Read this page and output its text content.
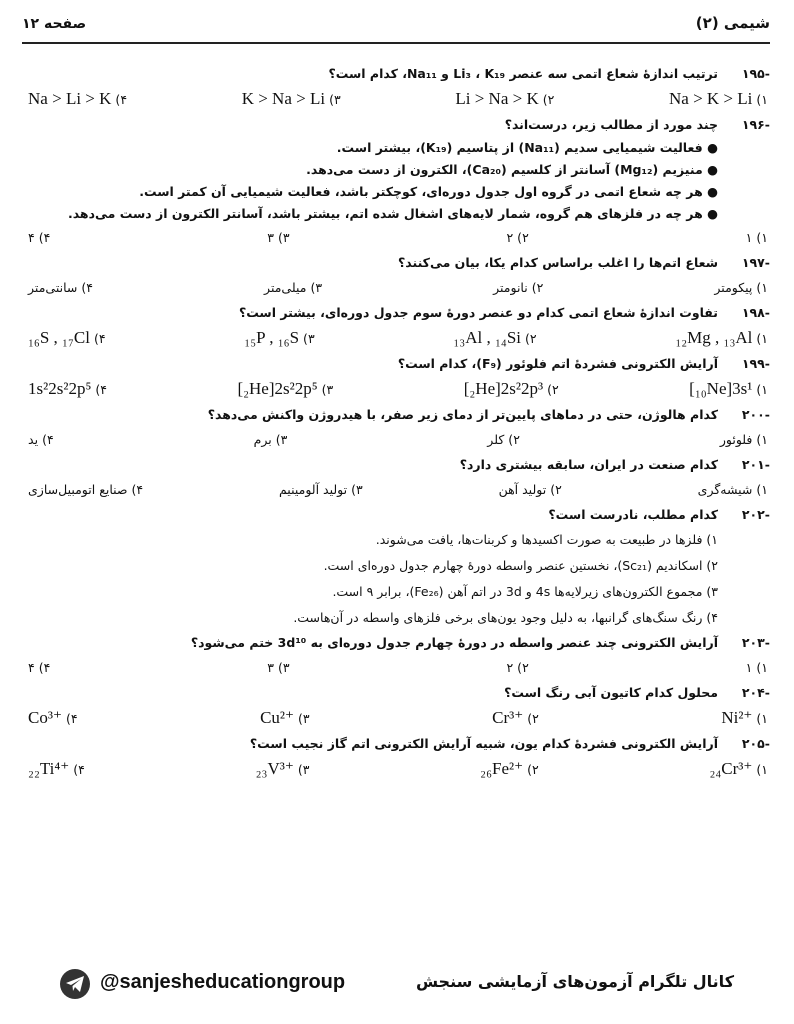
شیمی (۲)
صفحه ۱۲
-۱۹۵
ترتیب اندازهٔ شعاع اتمی سه عنصر Li₃ ، K₁₉ و Na₁₁، کدام است؟
۱)Na > K > Li
۲)Li > Na > K
۳)K > Na > Li
۴)Na > Li > K
-۱۹۶
چند مورد از مطالب زیر، درست‌اند؟
● فعالیت شیمیایی سدیم (Na₁₁) از پتاسیم (K₁₉)، بیشتر است.
● منیزیم (Mg₁₂) آسانتر از کلسیم (Ca₂₀)، الکترون از دست می‌دهد.
● هر چه شعاع اتمی در گروه اول جدول دوره‌ای، کوچکتر باشد، فعالیت شیمیایی آن کمتر است.
● هر چه در فلزهای هم گروه، شمار لایه‌های اشغال شده اتم، بیشتر باشد، آسانتر الکترون از دست می‌دهد.
۱)۱
۲)۲
۳)۳
۴)۴
-۱۹۷
شعاع اتم‌ها را اغلب براساس کدام یکا، بیان می‌کنند؟
۱)پیکومتر
۲)نانومتر
۳)میلی‌متر
۴)سانتی‌متر
-۱۹۸
تفاوت اندازهٔ شعاع اتمی کدام دو عنصر دورهٔ سوم جدول دوره‌ای، بیشتر است؟
۱)₁₂Mg , ₁₃Al
۲)₁₃Al , ₁₄Si
۳)₁₅P , ₁₆S
۴)₁₆S , ₁₇Cl
-۱۹۹
آرایش الکترونی فشردهٔ اتم فلوئور (F₉)، کدام است؟
۱)[₁₀Ne]3s¹
۲)[₂He]2s²2p³
۳)[₂He]2s²2p⁵
۴)1s²2s²2p⁵
-۲۰۰
کدام هالوژن، حتی در دماهای پایین‌تر از دمای زیر صفر، با هیدروژن واکنش می‌دهد؟
۱)فلوئور
۲)کلر
۳)برم
۴)ید
-۲۰۱
کدام صنعت در ایران، سابقه بیشتری دارد؟
۱)شیشه‌گری
۲)تولید آهن
۳)تولید آلومینیم
۴)صنایع اتومبیل‌سازی
-۲۰۲
کدام مطلب، نادرست است؟
۱) فلزها در طبیعت به صورت اکسیدها و کربنات‌ها، یافت می‌شوند.
۲) اسکاندیم (Sc₂₁)، نخستین عنصر واسطه دورهٔ چهارم جدول دوره‌ای است.
۳) مجموع الکترون‌های زیرلایه‌ها 4s و 3d در اتم آهن (Fe₂₆)، برابر ۹ است.
۴) رنگ سنگ‌های گرانبها، به دلیل وجود یون‌های برخی فلزهای واسطه در آن‌هاست.
-۲۰۳
آرایش الکترونی چند عنصر واسطه در دورهٔ چهارم جدول دوره‌ای به 3d¹⁰ ختم می‌شود؟
۱)۱
۲)۲
۳)۳
۴)۴
-۲۰۴
محلول کدام کاتیون آبی رنگ است؟
۱)Ni²⁺
۲)Cr³⁺
۳)Cu²⁺
۴)Co³⁺
-۲۰۵
آرایش الکترونی فشردهٔ کدام یون، شبیه آرایش الکترونی اتم گاز نجیب است؟
۱)₂₄Cr³⁺
۲)₂₆Fe²⁺
۳)₂₃V³⁺
۴)₂₂Ti⁴⁺
@sanjesheducationgroup	کانال تلگرام آزمون‌های آزمایشی سنجش
